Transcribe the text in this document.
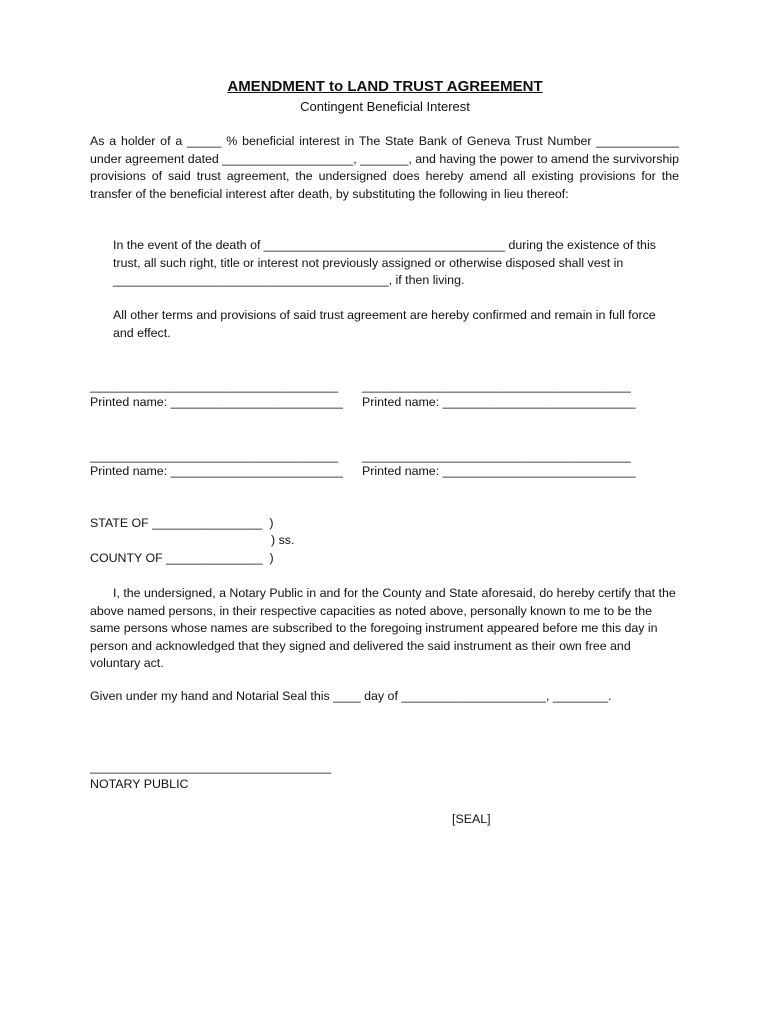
AMENDMENT to LAND TRUST AGREEMENT
Contingent Beneficial Interest

As a holder of a _____ % beneficial interest in The State Bank of Geneva Trust Number ____________ under agreement dated ___________________, _______, and having the power to amend the survivorship provisions of said trust agreement, the undersigned does hereby amend all existing provisions for the transfer of the beneficial interest after death, by substituting the following in lieu thereof:

In the event of the death of ___________________________________ during the existence of this trust, all such right, title or interest not previously assigned or otherwise disposed shall vest in ________________________________________, if then living.

All other terms and provisions of said trust agreement are hereby confirmed and remain in full force and effect.

____________________________________
Printed name: _________________________
_______________________________________
Printed name: ____________________________
____________________________________
Printed name: _________________________
_______________________________________
Printed name: ____________________________
STATE OF ________________  )
) ss.
COUNTY OF ______________  )

I, the undersigned, a Notary Public in and for the County and State aforesaid, do hereby certify that the above named persons, in their respective capacities as noted above, personally known to me to be the same persons whose names are subscribed to the foregoing instrument appeared before me this day in person and acknowledged that they signed and delivered the said instrument as their own free and voluntary act.

Given under my hand and Notarial Seal this ____ day of _____________________, ________.
___________________________________
NOTARY PUBLIC
[SEAL]
